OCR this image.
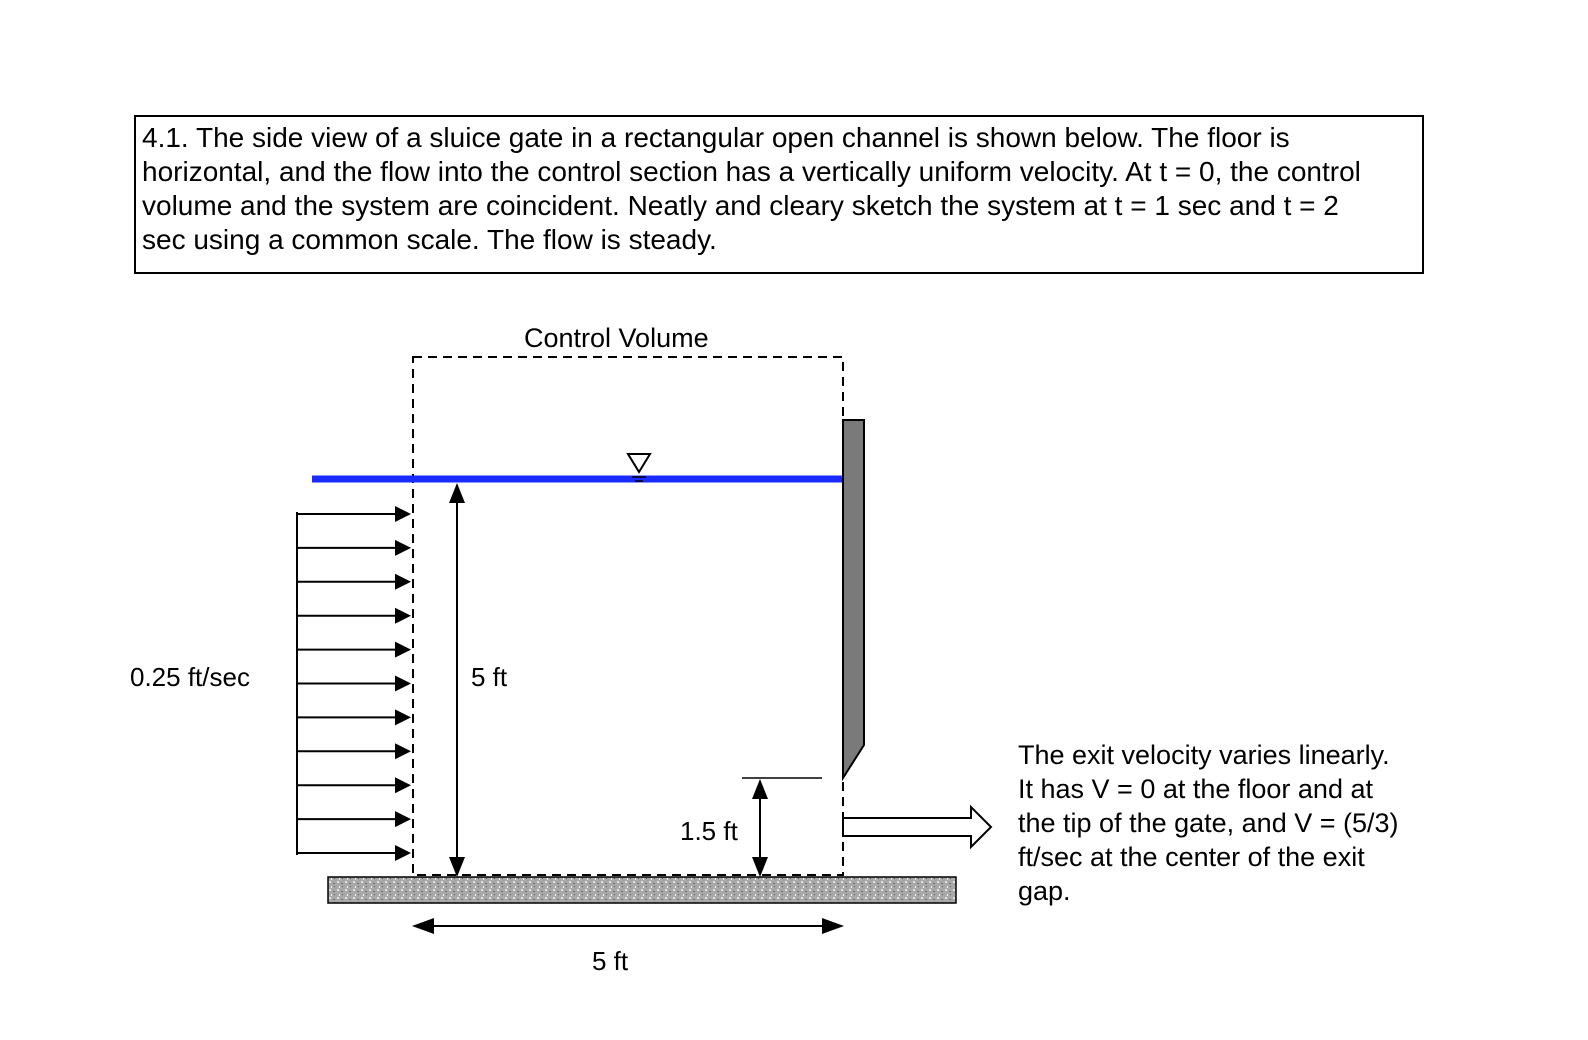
4.1. The side view of a sluice gate in a rectangular open channel is shown below. The floor is
horizontal, and the flow into the control section has a vertically uniform velocity. At t = 0, the control
volume and the system are coincident. Neatly and cleary sketch the system at t = 1 sec and t = 2
sec using a common scale. The flow is steady.
Control Volume
0.25 ft/sec	5 ft
1.5 ft
5 ft
The exit velocity varies linearly.
It has V = 0 at the floor and at
the tip of the gate, and V = (5/3)
ft/sec at the center of the exit
gap.
